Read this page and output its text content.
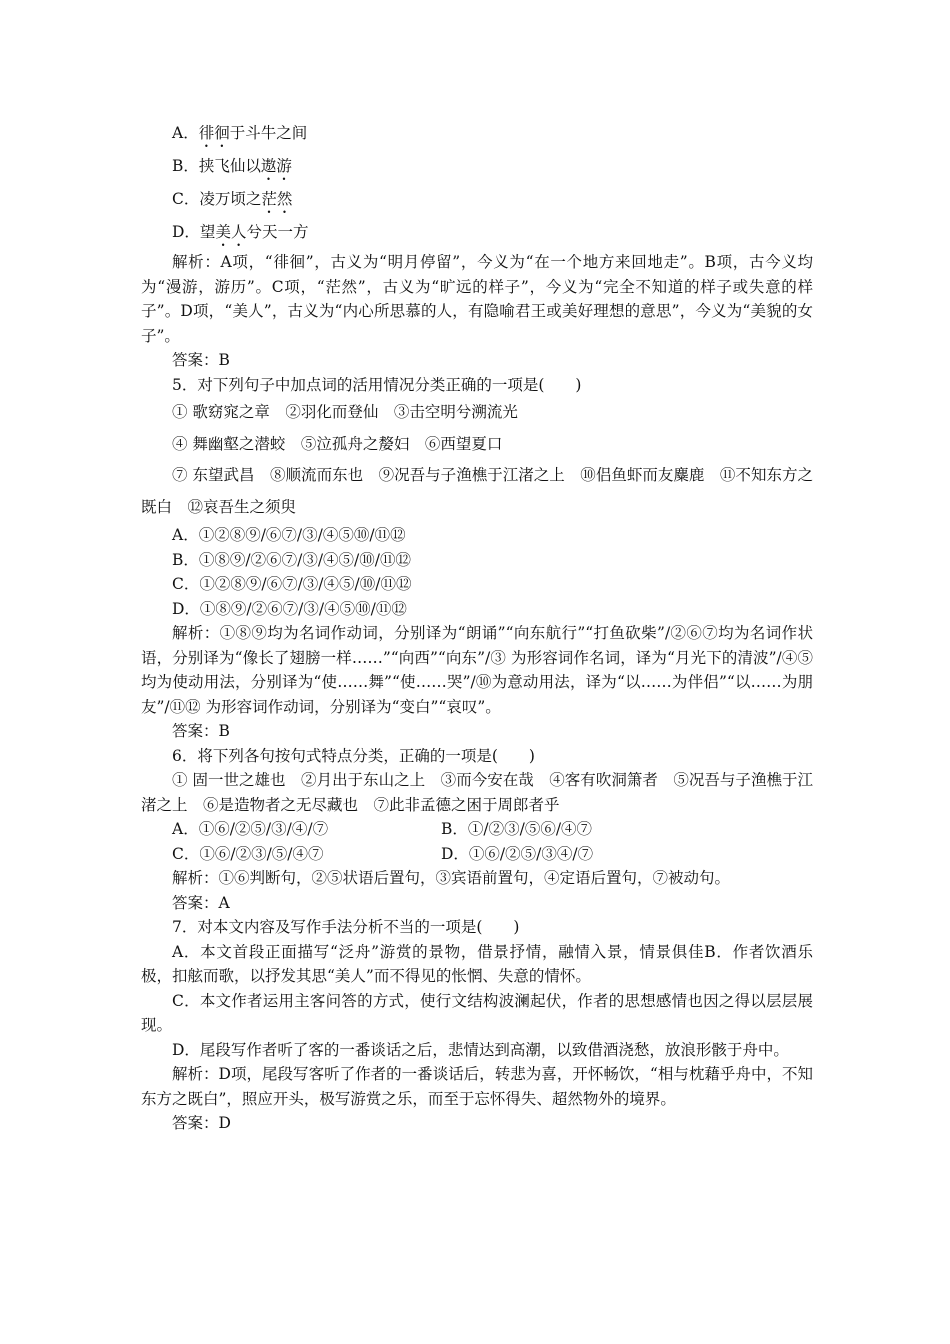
A．徘徊于斗牛之间

B．挟飞仙以遨游

C．凌万顷之茫然

D．望美人兮天一方

解析：A项，“徘徊”，古义为“明月停留”，今义为“在一个地方来回地走”。B项，古今义均为“漫游，游历”。C项，“茫然”，古义为“旷远的样子”，今义为“完全不知道的样子或失意的样子”。D项，“美人”，古义为“内心所思慕的人，有隐喻君王或美好理想的意思”，今义为“美貌的女子”。

答案：B

5．对下列句子中加点词的活用情况分类正确的一项是(　　)

① 歌窈窕之章　②羽化而登仙　③击空明兮溯流光

④ 舞幽壑之潜蛟　⑤泣孤舟之嫠妇　⑥西望夏口

⑦ 东望武昌　⑧顺流而东也　⑨况吾与子渔樵于江渚之上　⑩侣鱼虾而友麋鹿　⑪不知东方之既白　⑫哀吾生之须臾

A．①②⑧⑨/⑥⑦/③/④⑤⑩/⑪⑫

B．①⑧⑨/②⑥⑦/③/④⑤/⑩/⑪⑫

C．①②⑧⑨/⑥⑦/③/④⑤/⑩/⑪⑫

D．①⑧⑨/②⑥⑦/③/④⑤⑩/⑪⑫

解析：①⑧⑨均为名词作动词，分别译为“朗诵”“向东航行”“打鱼砍柴”/②⑥⑦均为名词作状语，分别译为“像长了翅膀一样……”“向西”“向东”/③ 为形容词作名词，译为“月光下的清波”/④⑤ 均为使动用法，分别译为“使……舞”“使……哭”/⑩为意动用法，译为“以……为伴侣”“以……为朋友”/⑪⑫ 为形容词作动词，分别译为“变白”“哀叹”。

答案：B

6．将下列各句按句式特点分类，正确的一项是(　　)

① 固一世之雄也　②月出于东山之上　③而今安在哉　④客有吹洞箫者　⑤况吾与子渔樵于江渚之上　⑥是造物者之无尽藏也　⑦此非孟德之困于周郎者乎

A．①⑥/②⑤/③/④/⑦	B．①/②③/⑤⑥/④⑦
C．①⑥/②③/⑤/④⑦	D．①⑥/②⑤/③④/⑦

解析：①⑥判断句，②⑤状语后置句，③宾语前置句，④定语后置句，⑦被动句。

答案：A

7．对本文内容及写作手法分析不当的一项是(　　)

A．本文首段正面描写“泛舟”游赏的景物，借景抒情，融情入景，情景俱佳B．作者饮酒乐极，扣舷而歌，以抒发其思“美人”而不得见的怅惘、失意的情怀。

C．本文作者运用主客问答的方式，使行文结构波澜起伏，作者的思想感情也因之得以层层展现。

D．尾段写作者听了客的一番谈话之后，悲情达到高潮，以致借酒浇愁，放浪形骸于舟中。

解析：D项，尾段写客听了作者的一番谈话后，转悲为喜，开怀畅饮，“相与枕藉乎舟中，不知东方之既白”，照应开头，极写游赏之乐，而至于忘怀得失、超然物外的境界。

答案：D
